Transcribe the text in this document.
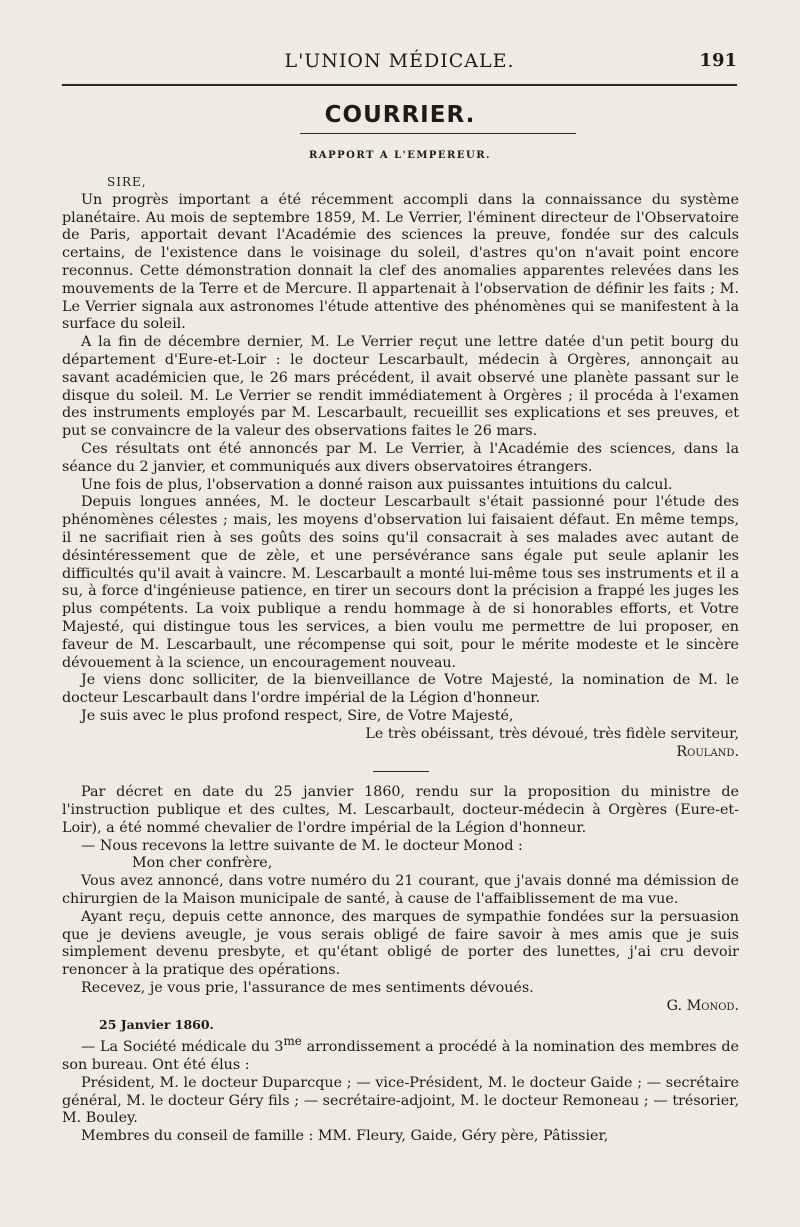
L'UNION MÉDICALE.	191
COURRIER.
RAPPORT A L'EMPEREUR.

SIRE,

Un progrès important a été récemment accompli dans la connaissance du système planétaire. Au mois de septembre 1859, M. Le Verrier, l'éminent directeur de l'Observatoire de Paris, apportait devant l'Académie des sciences la preuve, fondée sur des calculs certains, de l'existence dans le voisinage du soleil, d'astres qu'on n'avait point encore reconnus. Cette démonstration donnait la clef des anomalies apparentes relevées dans les mouvements de la Terre et de Mercure. Il appartenait à l'observation de définir les faits ; M. Le Verrier signala aux astronomes l'étude attentive des phénomènes qui se manifestent à la surface du soleil.

A la fin de décembre dernier, M. Le Verrier reçut une lettre datée d'un petit bourg du département d'Eure-et-Loir : le docteur Lescarbault, médecin à Orgères, annonçait au savant académicien que, le 26 mars précédent, il avait observé une planète passant sur le disque du soleil. M. Le Verrier se rendit immédiatement à Orgères ; il procéda à l'examen des instruments employés par M. Lescarbault, recueillit ses explications et ses preuves, et put se convaincre de la valeur des observations faites le 26 mars.

Ces résultats ont été annoncés par M. Le Verrier, à l'Académie des sciences, dans la séance du 2 janvier, et communiqués aux divers observatoires étrangers.

Une fois de plus, l'observation a donné raison aux puissantes intuitions du calcul.

Depuis longues années, M. le docteur Lescarbault s'était passionné pour l'étude des phénomènes célestes ; mais, les moyens d'observation lui faisaient défaut. En même temps, il ne sacrifiait rien à ses goûts des soins qu'il consacrait à ses malades avec autant de désintéressement que de zèle, et une persévérance sans égale put seule aplanir les difficultés qu'il avait à vaincre. M. Lescarbault a monté lui-même tous ses instruments et il a su, à force d'ingénieuse patience, en tirer un secours dont la précision a frappé les juges les plus compétents. La voix publique a rendu hommage à de si honorables efforts, et Votre Majesté, qui distingue tous les services, a bien voulu me permettre de lui proposer, en faveur de M. Lescarbault, une récompense qui soit, pour le mérite modeste et le sincère dévouement à la science, un encouragement nouveau.

Je viens donc solliciter, de la bienveillance de Votre Majesté, la nomination de M. le docteur Lescarbault dans l'ordre impérial de la Légion d'honneur.

Je suis avec le plus profond respect, Sire, de Votre Majesté,

Le très obéissant, très dévoué, très fidèle serviteur,

Rouland.

Par décret en date du 25 janvier 1860, rendu sur la proposition du ministre de l'instruction publique et des cultes, M. Lescarbault, docteur-médecin à Orgères (Eure-et-Loir), a été nommé chevalier de l'ordre impérial de la Légion d'honneur.

— Nous recevons la lettre suivante de M. le docteur Monod :

Mon cher confrère,

Vous avez annoncé, dans votre numéro du 21 courant, que j'avais donné ma démission de chirurgien de la Maison municipale de santé, à cause de l'affaiblissement de ma vue.

Ayant reçu, depuis cette annonce, des marques de sympathie fondées sur la persuasion que je deviens aveugle, je vous serais obligé de faire savoir à mes amis que je suis simplement devenu presbyte, et qu'étant obligé de porter des lunettes, j'ai cru devoir renoncer à la pratique des opérations.

Recevez, je vous prie, l'assurance de mes sentiments dévoués.

G. Monod.

25 Janvier 1860.

— La Société médicale du $3^{me}$ arrondissement a procédé à la nomination des membres de son bureau. Ont été élus :

Président, M. le docteur Duparcque ; — vice-Président, M. le docteur Gaide ; — secrétaire général, M. le docteur Géry fils ; — secrétaire-adjoint, M. le docteur Remoneau ; — trésorier, M. Bouley.

Membres du conseil de famille : MM. Fleury, Gaide, Géry père, Pâtissier,
